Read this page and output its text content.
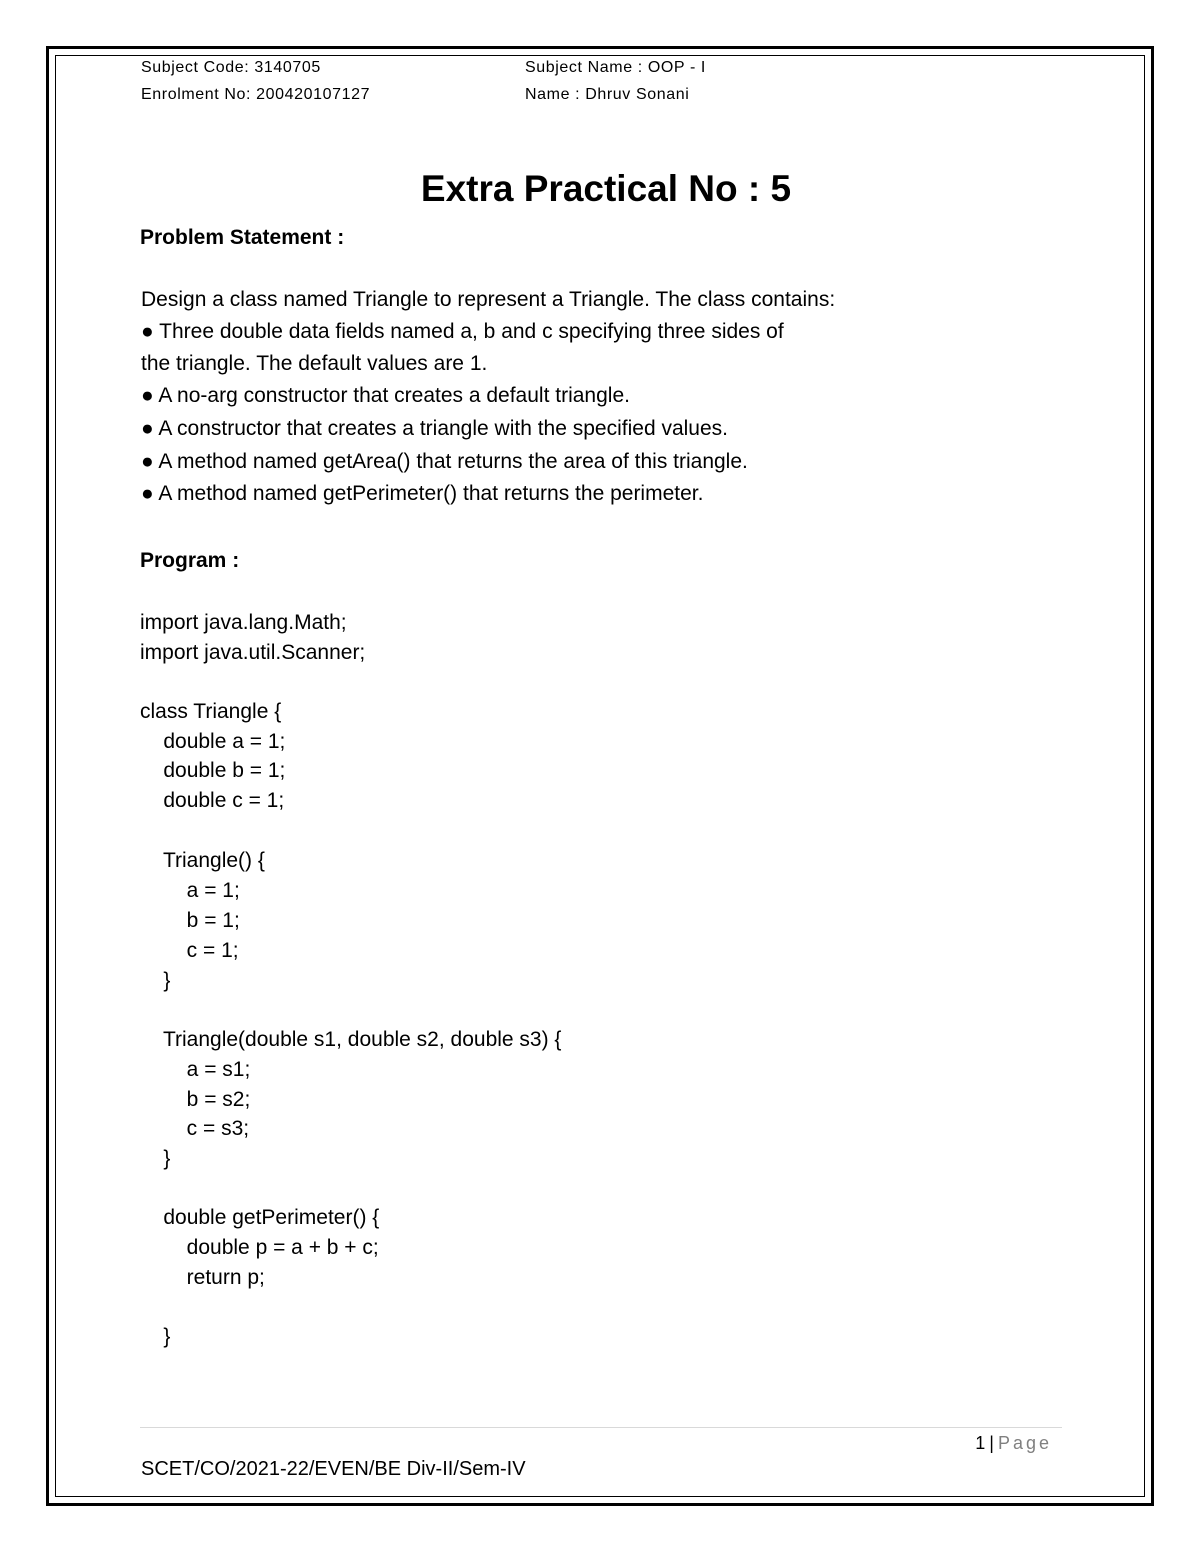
Subject Code: 3140705
Enrolment No: 200420107127
Subject Name : OOP - I
Name : Dhruv Sonani
Extra Practical No : 5
Problem Statement :
Design a class named Triangle to represent a Triangle. The class contains:
● Three double data fields named a, b and c specifying three sides of
the triangle. The default values are 1.
● A no-arg constructor that creates a default triangle.
● A constructor that creates a triangle with the specified values.
● A method named getArea() that returns the area of this triangle.
● A method named getPerimeter() that returns the perimeter.
Program :
import java.lang.Math;
import java.util.Scanner;
class Triangle {
double a = 1;
double b = 1;
double c = 1;
Triangle() {
a = 1;
b = 1;
c = 1;
}
Triangle(double s1, double s2, double s3) {
a = s1;
b = s2;
c = s3;
}
double getPerimeter() {
double p = a + b + c;
return p;
}
1 | Page
SCET/CO/2021-22/EVEN/BE Div-II/Sem-IV
